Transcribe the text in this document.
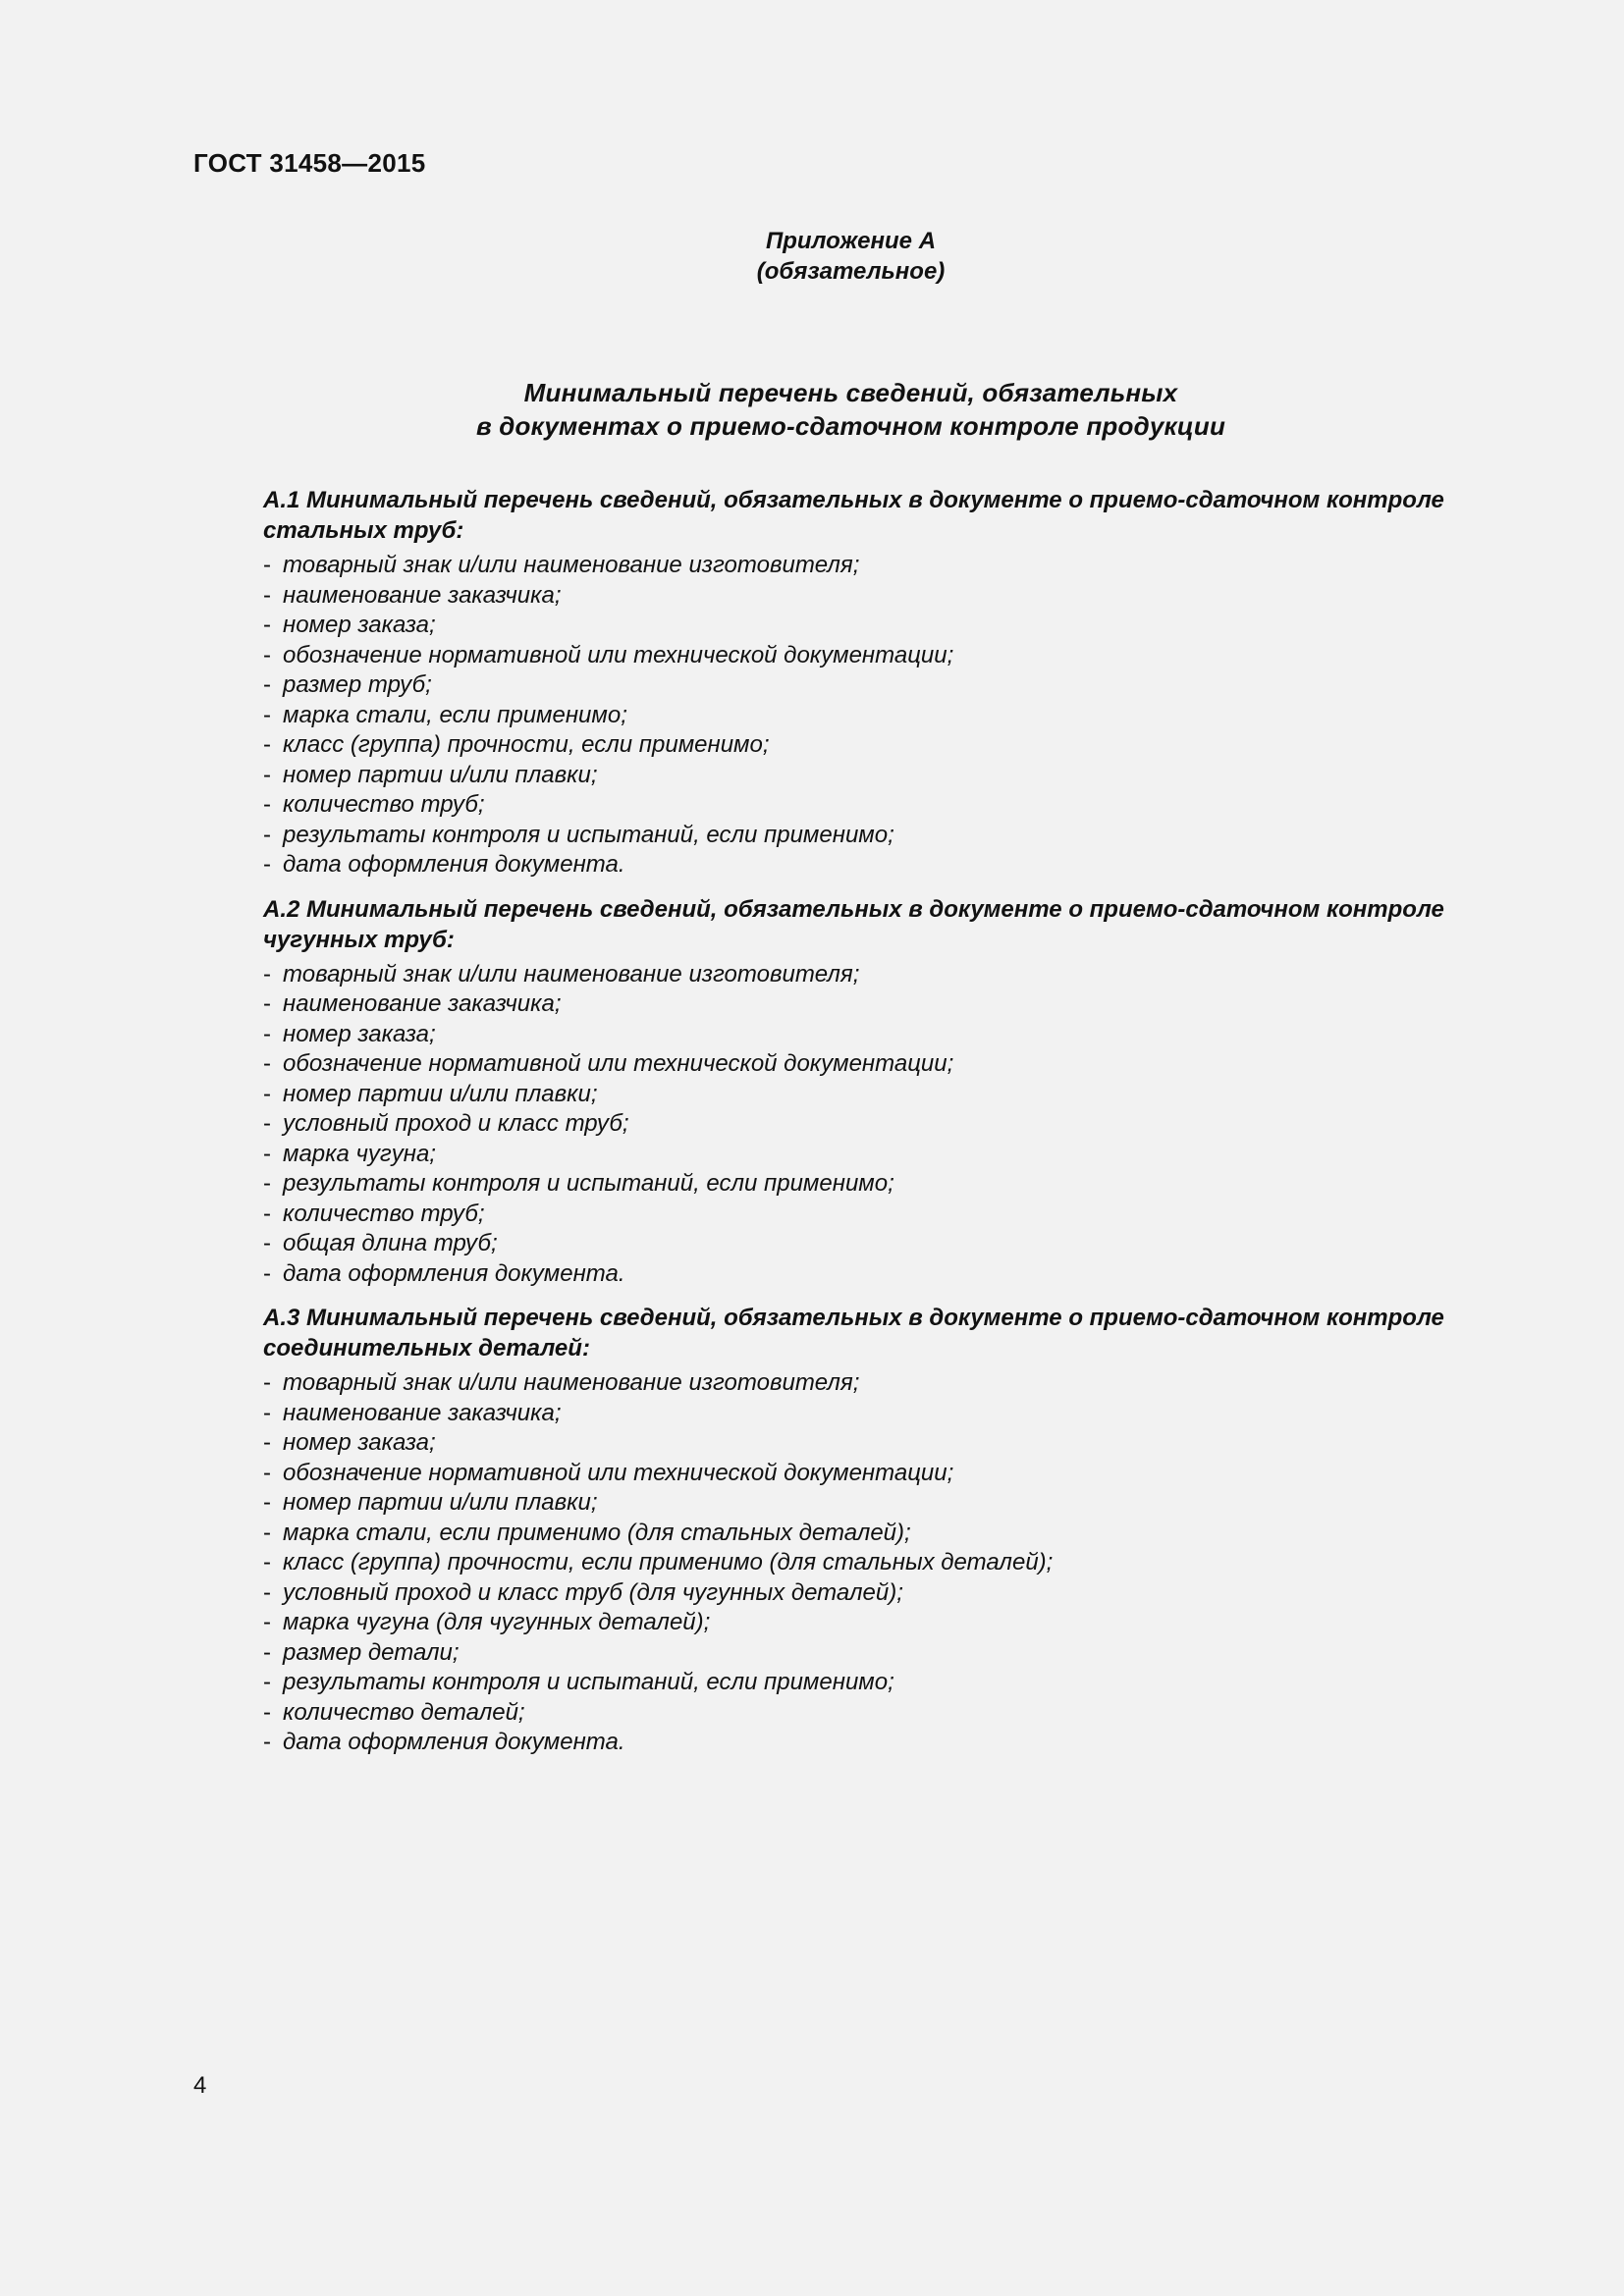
ГОСТ 31458—2015
Приложение А
(обязательное)
Минимальный перечень сведений, обязательных
в документах о приемо-сдаточном контроле продукции

А.1 Минимальный перечень сведений, обязательных в документе о приемо-сдаточном контроле
стальных труб:

- товарный знак и/или наименование изготовителя;
- наименование заказчика;
- номер заказа;
- обозначение нормативной или технической документации;
- размер труб;
- марка стали, если применимо;
- класс (группа) прочности, если применимо;
- номер партии и/или плавки;
- количество труб;
- результаты контроля и испытаний, если применимо;
- дата оформления документа.

А.2 Минимальный перечень сведений, обязательных в документе о приемо-сдаточном контроле
чугунных труб:

- товарный знак и/или наименование изготовителя;
- наименование заказчика;
- номер заказа;
- обозначение нормативной или технической документации;
- номер партии и/или плавки;
- условный проход и класс труб;
- марка чугуна;
- результаты контроля и испытаний, если применимо;
- количество труб;
- общая длина труб;
- дата оформления документа.

А.3 Минимальный перечень сведений, обязательных в документе о приемо-сдаточном контроле
соединительных деталей:

- товарный знак и/или наименование изготовителя;
- наименование заказчика;
- номер заказа;
- обозначение нормативной или технической документации;
- номер партии и/или плавки;
- марка стали, если применимо (для стальных деталей);
- класс (группа) прочности, если применимо (для стальных деталей);
- условный проход и класс труб (для чугунных деталей);
- марка чугуна (для чугунных деталей);
- размер детали;
- результаты контроля и испытаний, если применимо;
- количество деталей;
- дата оформления документа.
4
